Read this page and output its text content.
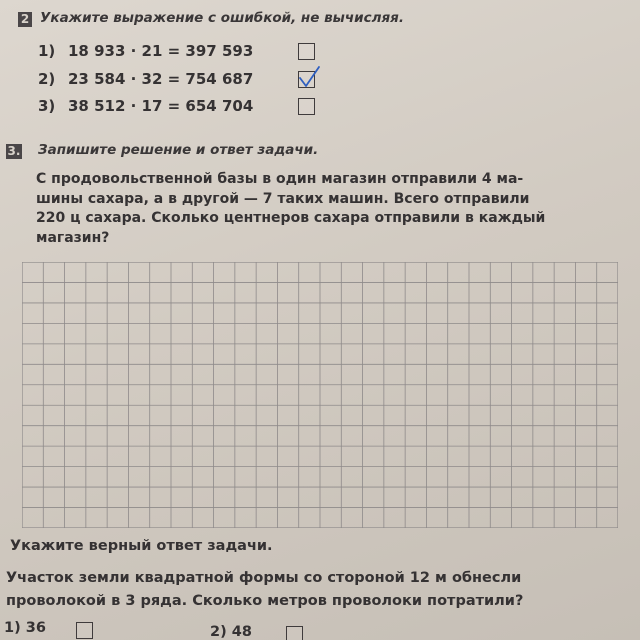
2 Укажите выражение с ошибкой, не вычисляя.
1) 18 933 · 21 = 397 593
2) 23 584 · 32 = 754 687
3) 38 512 · 17 = 654 704
3. Запишите решение и ответ задачи.
С продовольственной базы в один магазин отправили 4 ма-
шины сахара, а в другой — 7 таких машин. Всего отправили
220 ц сахара. Сколько центнеров сахара отправили в каждый
магазин?
Укажите верный ответ задачи.
Участок земли квадратной формы со стороной 12 м обнесли
проволокой в 3 ряда. Сколько метров проволоки потратили?
1) 36	2) 48
